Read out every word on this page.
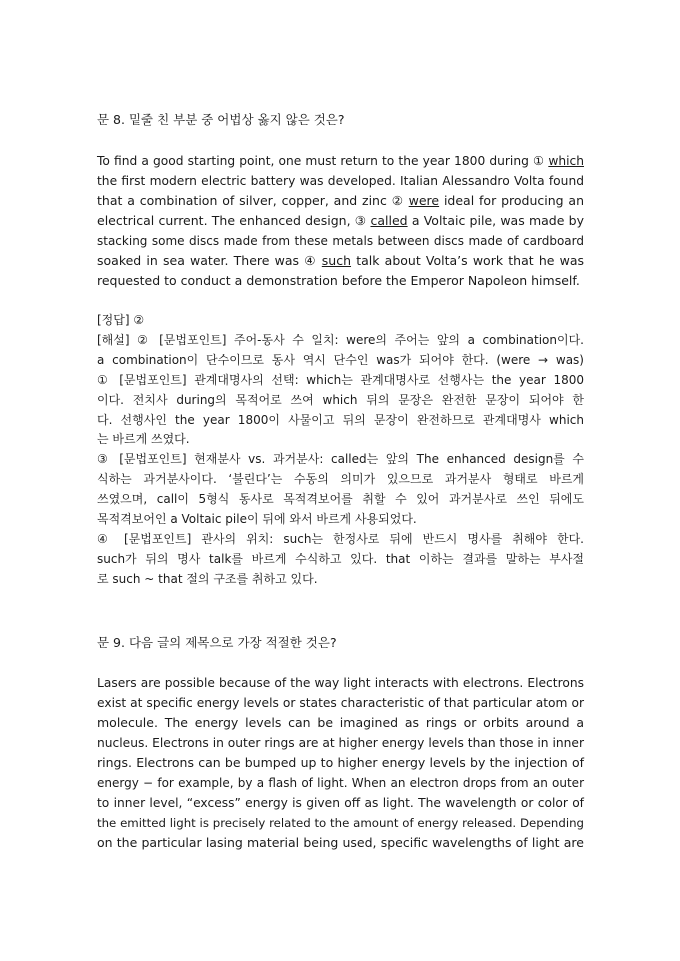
문 8. 밑줄 친 부분 중 어법상 옳지 않은 것은?
To find a good starting point, one must return to the year 1800 during ① which
the first modern electric battery was developed. Italian Alessandro Volta found
that a combination of silver, copper, and zinc ② were ideal for producing an
electrical current. The enhanced design, ③ called a Voltaic pile, was made by
stacking some discs made from these metals between discs made of cardboard
soaked in sea water. There was ④ such talk about Volta’s work that he was
requested to conduct a demonstration before the Emperor Napoleon himself.
[정답] ②
[해설] ② [문법포인트] 주어-동사 수 일치: were의 주어는 앞의 a combination이다.
a combination이 단수이므로 동사 역시 단수인 was가 되어야 한다. (were → was)
① [문법포인트] 관계대명사의 선택: which는 관계대명사로 선행사는 the year 1800
이다. 전치사 during의 목적어로 쓰여 which 뒤의 문장은 완전한 문장이 되어야 한
다. 선행사인 the year 1800이 사물이고 뒤의 문장이 완전하므로 관계대명사 which
는 바르게 쓰였다.
③ [문법포인트] 현재분사 vs. 과거분사: called는 앞의 The enhanced design를 수
식하는 과거분사이다. ‘불린다’는 수동의 의미가 있으므로 과거분사 형태로 바르게
쓰였으며, call이 5형식 동사로 목적격보어를 취할 수 있어 과거분사로 쓰인 뒤에도
목적격보어인 a Voltaic pile이 뒤에 와서 바르게 사용되었다.
④ [문법포인트] 관사의 위치: such는 한정사로 뒤에 반드시 명사를 취해야 한다.
such가 뒤의 명사 talk를 바르게 수식하고 있다. that 이하는 결과를 말하는 부사절
로 such ~ that 절의 구조를 취하고 있다.
문 9. 다음 글의 제목으로 가장 적절한 것은?
Lasers are possible because of the way light interacts with electrons. Electrons
exist at specific energy levels or states characteristic of that particular atom or
molecule. The energy levels can be imagined as rings or orbits around a
nucleus. Electrons in outer rings are at higher energy levels than those in inner
rings. Electrons can be bumped up to higher energy levels by the injection of
energy − for example, by a flash of light. When an electron drops from an outer
to inner level, “excess” energy is given off as light. The wavelength or color of
the emitted light is precisely related to the amount of energy released. Depending
on the particular lasing material being used, specific wavelengths of light are
